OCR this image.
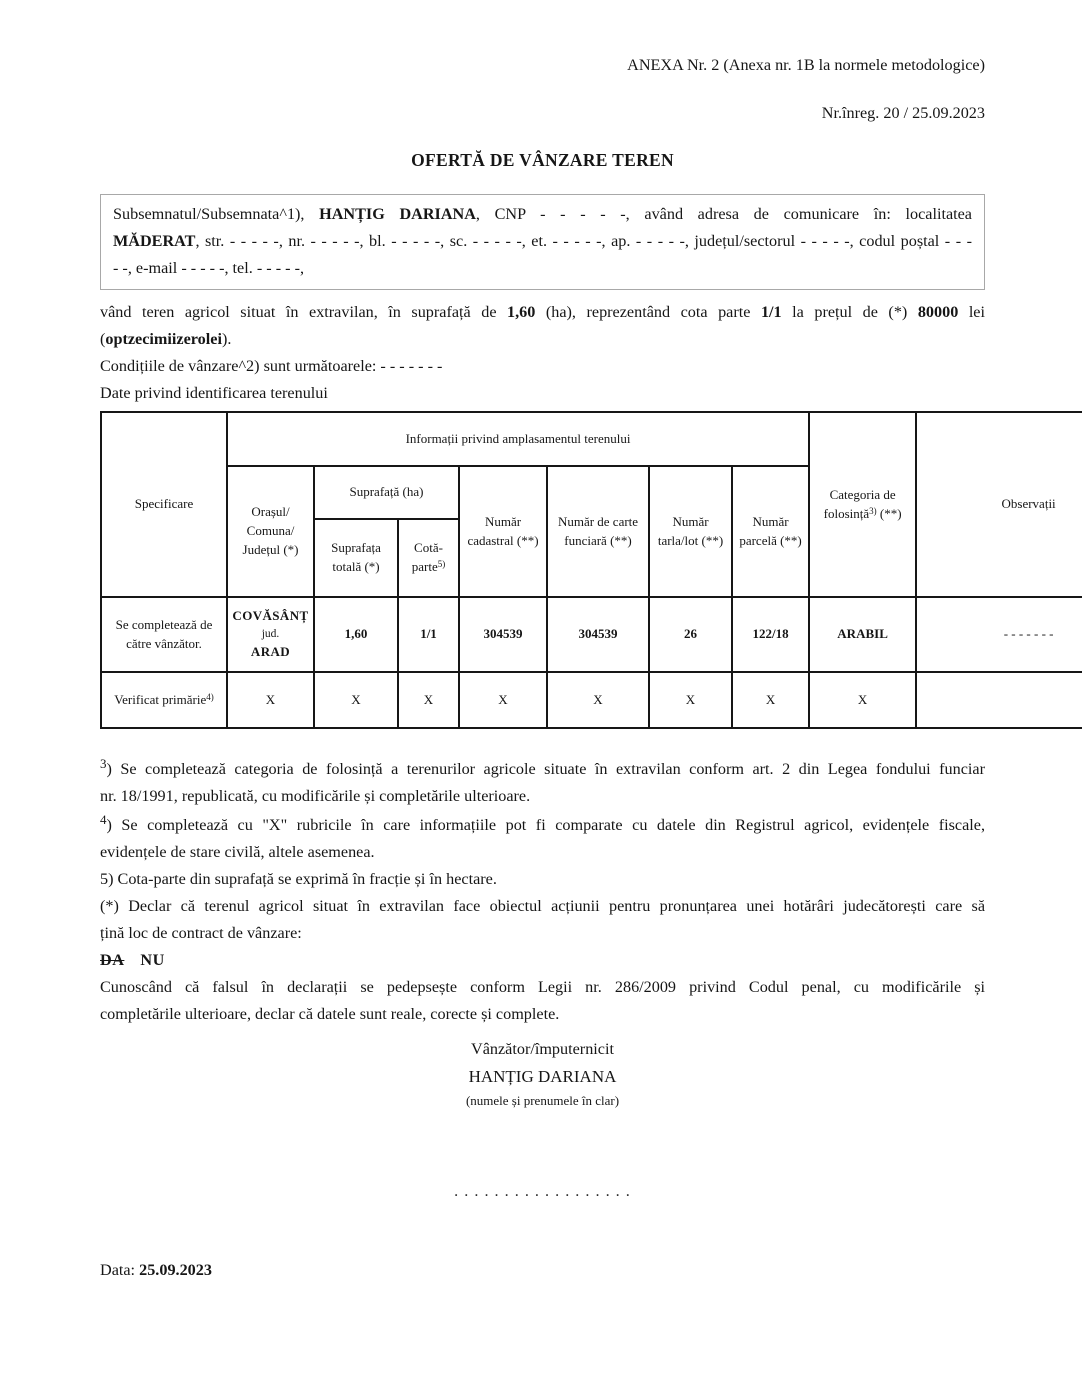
ANEXA Nr. 2 (Anexa nr. 1B la normele metodologice)
Nr.înreg. 20 / 25.09.2023
OFERTĂ DE VÂNZARE TEREN
Subsemnatul/Subsemnata^1), HANȚIG DARIANA, CNP - - - - -, având adresa de comunicare în: localitatea
MĂDERAT, str. - - - - -, nr. - - - - -, bl. - - - - -, sc. - - - - -, et. - - - - -, ap. - - - - -, județul/sectorul - - - - -, codul poștal - - -
- -, e-mail - - - - -, tel. - - - - -,
vând teren agricol situat în extravilan, în suprafață de 1,60 (ha), reprezentând cota parte 1/1 la prețul de (*) 80000 lei
(optzecimiizerolei).
Condițiile de vânzare^2) sunt următoarele: - - - - - - -
Date privind identificarea terenului
Specificare	Informații privind amplasamentul terenului							Categoria de folosință$^{3)}$ (**)	Observații
	Orașul/ Comuna/ Județul (*)	Suprafață (ha)		Număr cadastral (**)	Număr de carte funciară (**)	Număr tarla/lot (**)	Număr parcelă (**)		
		Suprafața totală (*)	Cotă-parte$^{5)}$
Se completează de către vânzător.	COVĂSÂNȚ
jud.
ARAD	1,60	1/1	304539	304539	26	122/18	ARABIL	- - - - - - -
Verificat primărie$^{4)}$	X	X	X	X	X	X	X	X	
$^3$) Se completează categoria de folosință a terenurilor agricole situate în extravilan conform art. 2 din Legea fondului funciar
nr. 18/1991, republicată, cu modificările și completările ulterioare.
$^4$) Se completează cu "X" rubricile în care informațiile pot fi comparate cu datele din Registrul agricol, evidențele fiscale,
evidențele de stare civilă, altele asemenea.
5) Cota-parte din suprafață se exprimă în fracție și în hectare.
(*) Declar că terenul agricol situat în extravilan face obiectul acțiunii pentru pronunțarea unei hotărâri judecătorești care să
țină loc de contract de vânzare:
DA NU
Cunoscând că falsul în declarații se pedepsește conform Legii nr. 286/2009 privind Codul penal, cu modificările și
completările ulterioare, declar că datele sunt reale, corecte și complete.
Vânzător/împuternicit
HANȚIG DARIANA
(numele și prenumele în clar)
. . . . . . . . . . . . . . . . . .
Data: 25.09.2023
